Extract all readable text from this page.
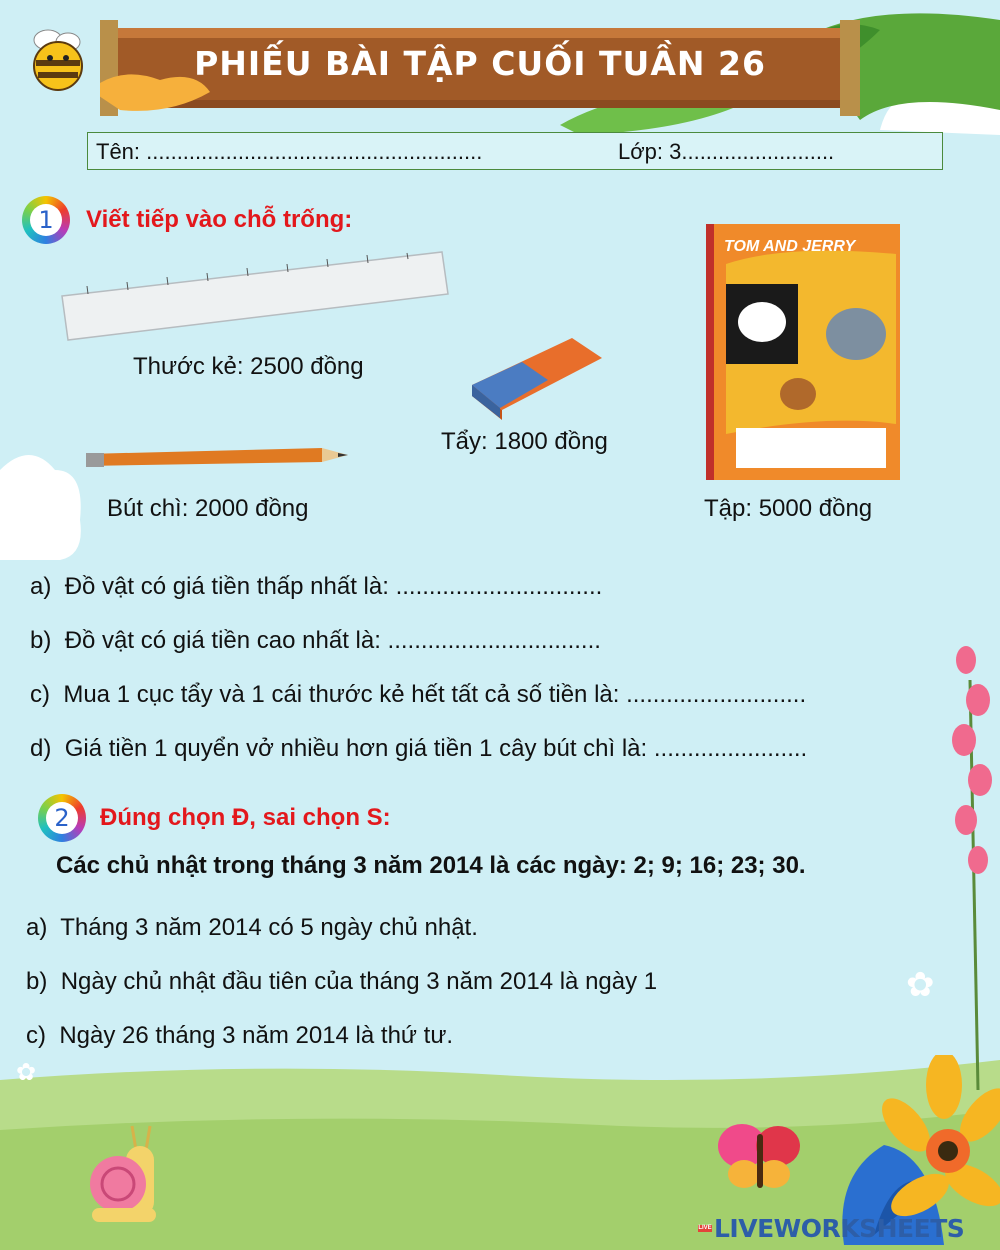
PHIẾU BÀI TẬP CUỐI TUẦN 26
Tên: .......................................................	Lớp: 3.........................
1	Viết tiếp vào chỗ trống:
Thước kẻ: 2500 đồng
Tẩy: 1800 đồng
Bút chì: 2000 đồng
TOM AND JERRY
Tập: 5000 đồng
a) Đồ vật có giá tiền thấp nhất là: ...............................
b) Đồ vật có giá tiền cao nhất là: ................................
c) Mua 1 cục tẩy và 1 cái thước kẻ hết tất cả số tiền là: ...........................
d) Giá tiền 1 quyển vở nhiều hơn giá tiền 1 cây bút chì là: .......................
2	Đúng chọn Đ, sai chọn S:
Các chủ nhật trong tháng 3 năm 2014 là các ngày: 2; 9; 16; 23; 30.
a) Tháng 3 năm 2014 có 5 ngày chủ nhật.
b) Ngày chủ nhật đầu tiên của tháng 3 năm 2014 là ngày 1
c) Ngày 26 tháng 3 năm 2014 là thứ tư.
✿
✿
LIVE LIVEWORKSHEETS
